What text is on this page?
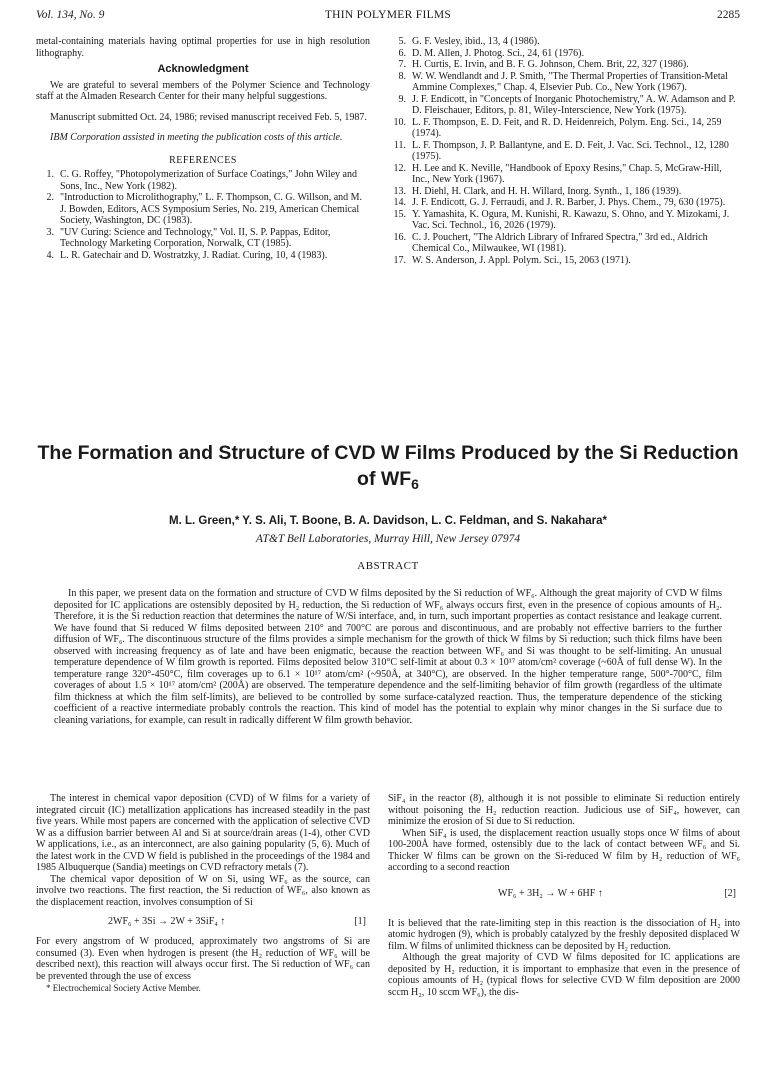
Vol. 134, No. 9	THIN POLYMER FILMS	2285

metal-containing materials having optimal properties for use in high resolution lithography.

Acknowledgment

We are grateful to several members of the Polymer Science and Technology staff at the Almaden Research Center for their many helpful suggestions.

Manuscript submitted Oct. 24, 1986; revised manuscript received Feb. 5, 1987.

IBM Corporation assisted in meeting the publication costs of this article.

REFERENCES
1. C. G. Roffey, "Photopolymerization of Surface Coatings," John Wiley and Sons, Inc., New York (1982).
2. "Introduction to Microlithography," L. F. Thompson, C. G. Willson, and M. J. Bowden, Editors, ACS Symposium Series, No. 219, American Chemical Society, Washington, DC (1983).
3. "UV Curing: Science and Technology," Vol. II, S. P. Pappas, Editor, Technology Marketing Corporation, Norwalk, CT (1985).
4. L. R. Gatechair and D. Wostratzky, J. Radiat. Curing, 10, 4 (1983).
5. G. F. Vesley, ibid., 13, 4 (1986).
6. D. M. Allen, J. Photog. Sci., 24, 61 (1976).
7. H. Curtis, E. Irvin, and B. F. G. Johnson, Chem. Brit, 22, 327 (1986).
8. W. W. Wendlandt and J. P. Smith, "The Thermal Properties of Transition-Metal Ammine Complexes," Chap. 4, Elsevier Pub. Co., New York (1967).
9. J. F. Endicott, in "Concepts of Inorganic Photochemistry," A. W. Adamson and P. D. Fleischauer, Editors, p. 81, Wiley-Interscience, New York (1975).
10. L. F. Thompson, E. D. Feit, and R. D. Heidenreich, Polym. Eng. Sci., 14, 259 (1974).
11. L. F. Thompson, J. P. Ballantyne, and E. D. Feit, J. Vac. Sci. Technol., 12, 1280 (1975).
12. H. Lee and K. Neville, "Handbook of Epoxy Resins," Chap. 5, McGraw-Hill, Inc., New York (1967).
13. H. Diehl, H. Clark, and H. H. Willard, Inorg. Synth., 1, 186 (1939).
14. J. F. Endicott, G. J. Ferraudi, and J. R. Barber, J. Phys. Chem., 79, 630 (1975).
15. Y. Yamashita, K. Ogura, M. Kunishi, R. Kawazu, S. Ohno, and Y. Mizokami, J. Vac. Sci. Technol., 16, 2026 (1979).
16. C. J. Pouchert, "The Aldrich Library of Infrared Spectra," 3rd ed., Aldrich Chemical Co., Milwaukee, WI (1981).
17. W. S. Anderson, J. Appl. Polym. Sci., 15, 2063 (1971).
The Formation and Structure of CVD W Films Produced by the Si Reduction of $WF_6$
M. L. Green,* Y. S. Ali, T. Boone, B. A. Davidson, L. C. Feldman, and S. Nakahara*
AT&T Bell Laboratories, Murray Hill, New Jersey 07974
ABSTRACT

In this paper, we present data on the formation and structure of CVD W films deposited by the Si reduction of WF₆. Although the great majority of CVD W films deposited for IC applications are ostensibly deposited by H₂ reduction, the Si reduction of WF₆ always occurs first, even in the presence of copious amounts of H₂. Therefore, it is the Si reduction reaction that determines the nature of W/Si interface, and, in turn, such important properties as contact resistance and leakage current. We have found that Si reduced W films deposited between 210° and 700°C are porous and discontinuous, and are probably not effective barriers to the further diffusion of WF₆. The discontinuous structure of the films provides a simple mechanism for the growth of thick W films by Si reduction; such thick films have been observed with increasing frequency as of late and have been enigmatic, because the reaction between WF₆ and Si was thought to be self-limiting. An unusual temperature dependence of W film growth is reported. Films deposited below 310°C self-limit at about 0.3 × 10¹⁷ atom/cm² coverage (~60Å of full dense W). In the temperature range 320°-450°C, film coverages up to 6.1 × 10¹⁷ atom/cm² (~950Å, at 340°C), are observed. In the higher temperature range, 500°-700°C, film coverages of about 1.5 × 10¹⁷ atom/cm² (200Å) are observed. The temperature dependence and the self-limiting behavior of film growth (regardless of the ultimate film thickness at which the film self-limits), are believed to be controlled by some surface-catalyzed reaction. Thus, the temperature dependence of the sticking coefficient of a reactive intermediate probably controls the reaction. This kind of model has the potential to explain why minor changes in the Si surface due to cleaning variations, for example, can result in radically different W film growth behavior.

The interest in chemical vapor deposition (CVD) of W films for a variety of integrated circuit (IC) metallization applications has increased steadily in the past five years. While most papers are concerned with the application of selective CVD W as a diffusion barrier between Al and Si at source/drain areas (1-4), other CVD W applications, i.e., as an interconnect, are also gaining popularity (5, 6). Much of the latest work in the CVD W field is published in the proceedings of the 1984 and 1985 Albuquerque (Sandia) meetings on CVD refractory metals (7).

The chemical vapor deposition of W on Si, using WF₆ as the source, can involve two reactions. The first reaction, the Si reduction of WF₆, also known as the displacement reaction, involves consumption of Si

2WF₆ + 3Si → 2W + 3SiF₄ ↑	[1]

For every angstrom of W produced, approximately two angstroms of Si are consumed (3). Even when hydrogen is present (the H₂ reduction of WF₆ will be described next), this reaction will always occur first. The Si reduction of WF₆ can be prevented through the use of excess

* Electrochemical Society Active Member.

SiF₄ in the reactor (8), although it is not possible to eliminate Si reduction entirely without poisoning the H₂ reduction reaction. Judicious use of SiF₄, however, can minimize the erosion of Si due to Si reduction.

When SiF₄ is used, the displacement reaction usually stops once W films of about 100-200Å have formed, ostensibly due to the lack of contact between WF₆ and Si. Thicker W films can be grown on the Si-reduced W film by H₂ reduction of WF₆ according to a second reaction

WF₆ + 3H₂ → W + 6HF ↑	[2]

It is believed that the rate-limiting step in this reaction is the dissociation of H₂ into atomic hydrogen (9), which is probably catalyzed by the freshly deposited displaced W film. W films of unlimited thickness can be deposited by H₂ reduction.

Although the great majority of CVD W films deposited for IC applications are deposited by H₂ reduction, it is important to emphasize that even in the presence of copious amounts of H₂ (typical flows for selective CVD W film deposition are 2000 sccm H₂, 10 sccm WF₆), the dis-
